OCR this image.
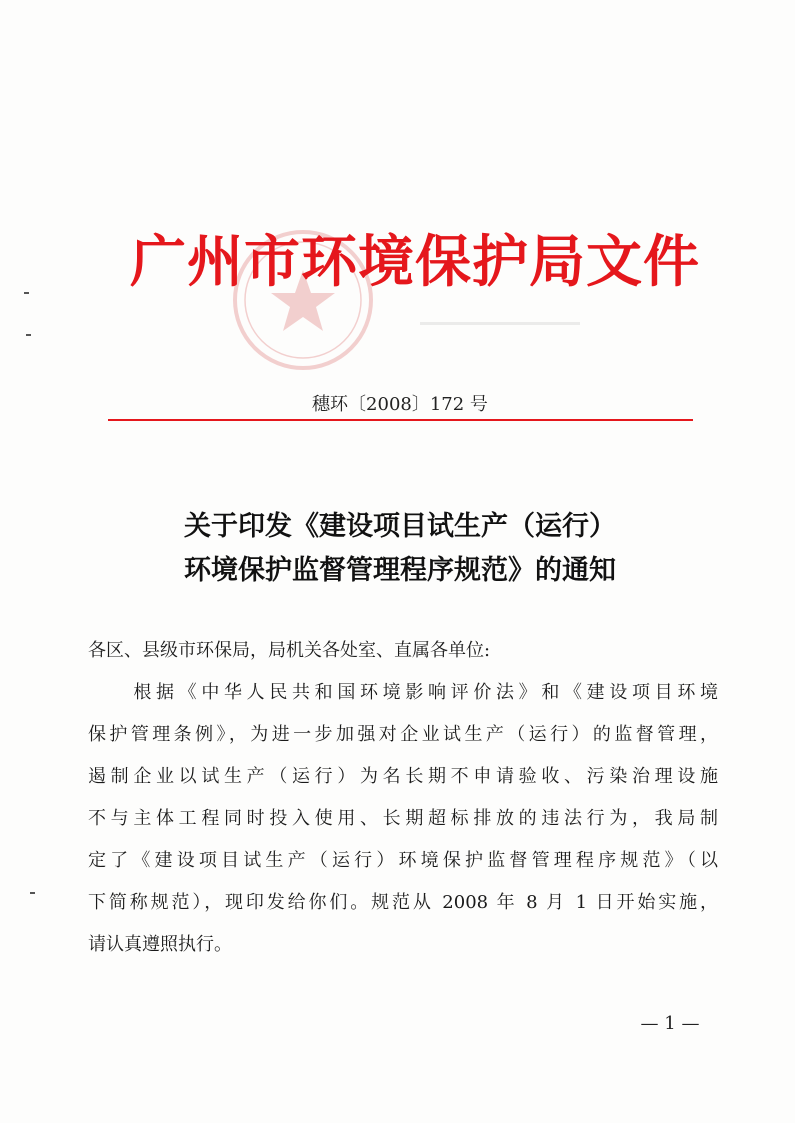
广州市环境保护局文件
穗环〔2008〕172 号
关于印发《建设项目试生产（运行）
环境保护监督管理程序规范》的通知

各区、县级市环保局，局机关各处室、直属各单位:

　　根据《中华人民共和国环境影响评价法》和《建设项目环境

保护管理条例》，为进一步加强对企业试生产（运行）的监督管理，

遏制企业以试生产（运行）为名长期不申请验收、污染治理设施

不与主体工程同时投入使用、长期超标排放的违法行为，我局制

定了《建设项目试生产（运行）环境保护监督管理程序规范》（以

下简称规范），现印发给你们。规范从 2008 年 8 月 1 日开始实施，

请认真遵照执行。

— 1 —
